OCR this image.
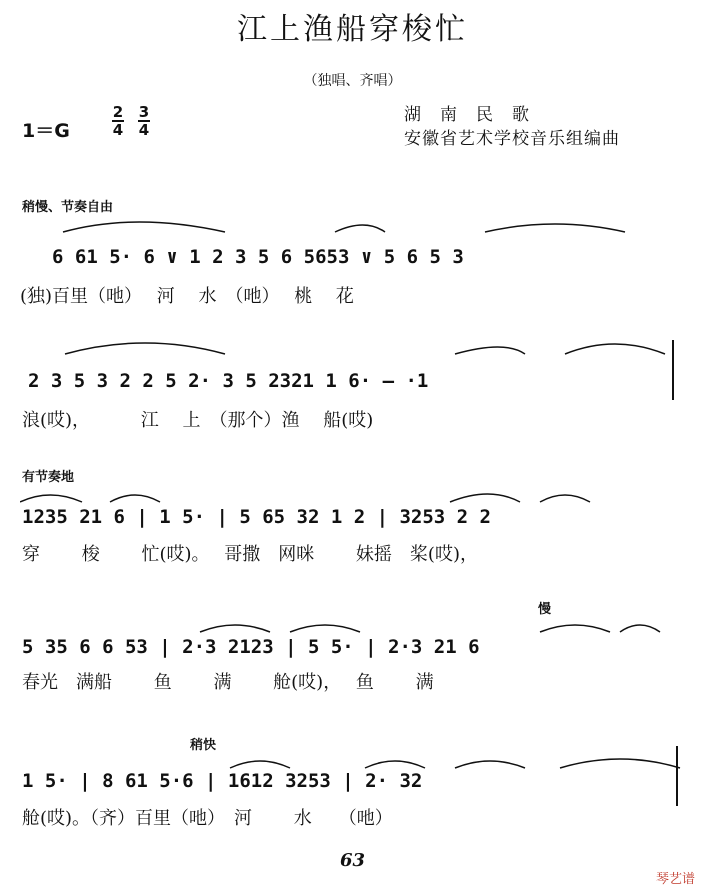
江上渔船穿梭忙
（独唱、齐唱）
1＝G
2
4
3
4
湖　南　民　歌
安徽省艺术学校音乐组编曲
稍慢、节奏自由
6 61 5· 6 ∨ 1 2 3 5 6 5653 ∨ 5 6 5 3
(独)百里（吔）　 河　 水　（吔）　 桃　 花
2 3 5 3 2 2 5 2· 3 5 2321 1 6· — ·1
浪(哎)，　　　 江　 上　（那个）渔　 船(哎)
有节奏地
1235 21 6 | 1 5· | 5 65 32 1 2 | 3253 2 2
穿　　 梭　　 忙(哎)。　 哥撒　网咪　　 妹摇　桨(哎)，
慢
5 35 6 6 53 | 2·3 2123 | 5 5· | 2·3 21 6
春光　满船　　 鱼　　 满　　 舱(哎)，　 鱼　　 满
稍快
1 5· | 8 61 5·6 | 1612 3253 | 2· 32
舱(哎)。（齐）百里（吔）　河　　 水　　（吔）
63
琴艺谱
